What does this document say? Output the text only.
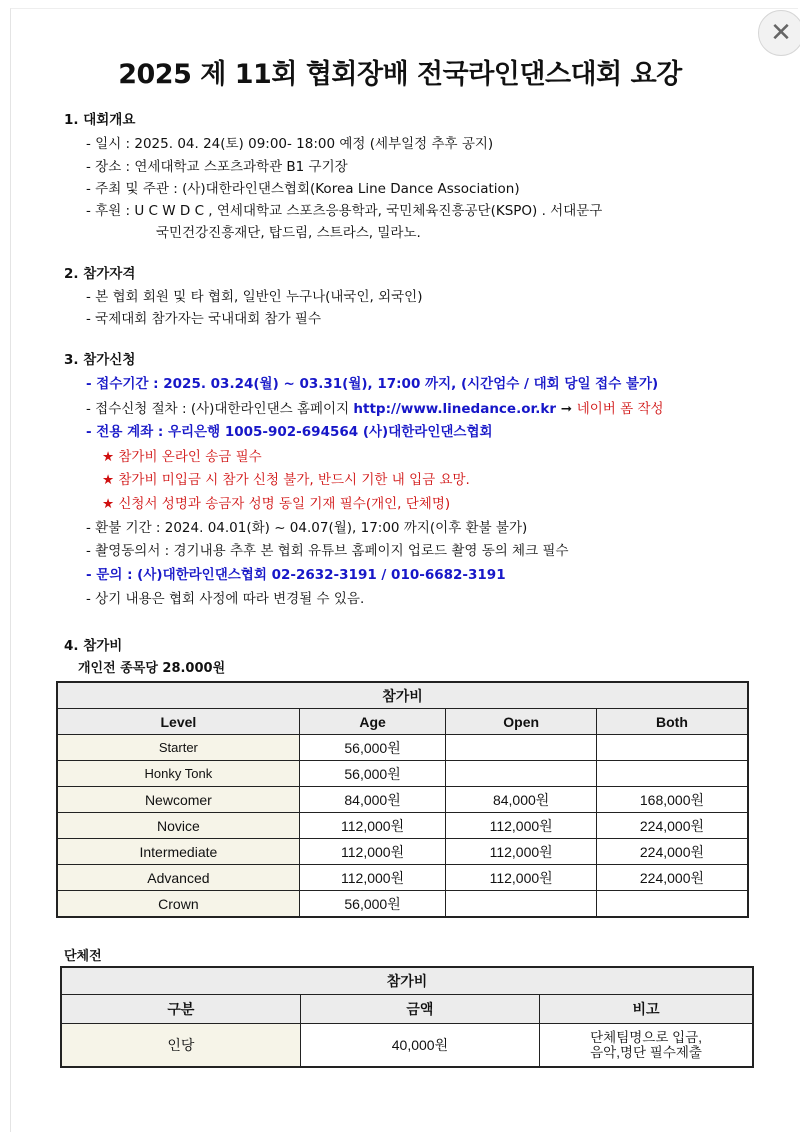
✕
2025 제 11회 협회장배 전국라인댄스대회 요강
1. 대회개요
- 일시 : 2025. 04. 24(토) 09:00- 18:00 예정 (세부일정 추후 공지)
- 장소 : 연세대학교 스포츠과학관 B1 구기장
- 주최 및 주관 : (사)대한라인댄스협회(Korea Line Dance Association)
- 후원 : U C W D C , 연세대학교 스포츠응용학과, 국민체육진흥공단(KSPO) . 서대문구
국민건강진흥재단, 탑드림, 스트라스, 밀라노.
2. 참가자격
- 본 협회 회원 및 타 협회, 일반인 누구나(내국인, 외국인)
- 국제대회 참가자는 국내대회 참가 필수
3. 참가신청
- 접수기간 : 2025. 03.24(월) ~ 03.31(월), 17:00 까지, (시간엄수 / 대회 당일 접수 불가)
- 접수신청 절차 : (사)대한라인댄스 홈페이지 http://www.linedance.or.kr ➞ 네이버 폼 작성
- 전용 계좌 : 우리은행 1005-902-694564 (사)대한라인댄스협회
★ 참가비 온라인 송금 필수
★ 참가비 미입금 시 참가 신청 불가, 반드시 기한 내 입금 요망.
★ 신청서 성명과 송금자 성명 동일 기재 필수(개인, 단체명)
- 환불 기간 : 2024. 04.01(화) ~ 04.07(월), 17:00 까지(이후 환불 불가)
- 촬영동의서 : 경기내용 추후 본 협회 유튜브 홈페이지 업로드 촬영 동의 체크 필수
- 문의 : (사)대한라인댄스협회 02-2632-3191 / 010-6682-3191
- 상기 내용은 협회 사정에 따라 변경될 수 있음.
4. 참가비
개인전 종목당 28.000원
참가비			
Level	Age	Open	Both
Starter	56,000원		
Honky Tonk	56,000원		
Newcomer	84,000원	84,000원	168,000원
Novice	112,000원	112,000원	224,000원
Intermediate	112,000원	112,000원	224,000원
Advanced	112,000원	112,000원	224,000원
Crown	56,000원		
단체전
참가비		
구분	금액	비고
인당	40,000원	단체팀명으로 입금,
음악,명단 필수제출
